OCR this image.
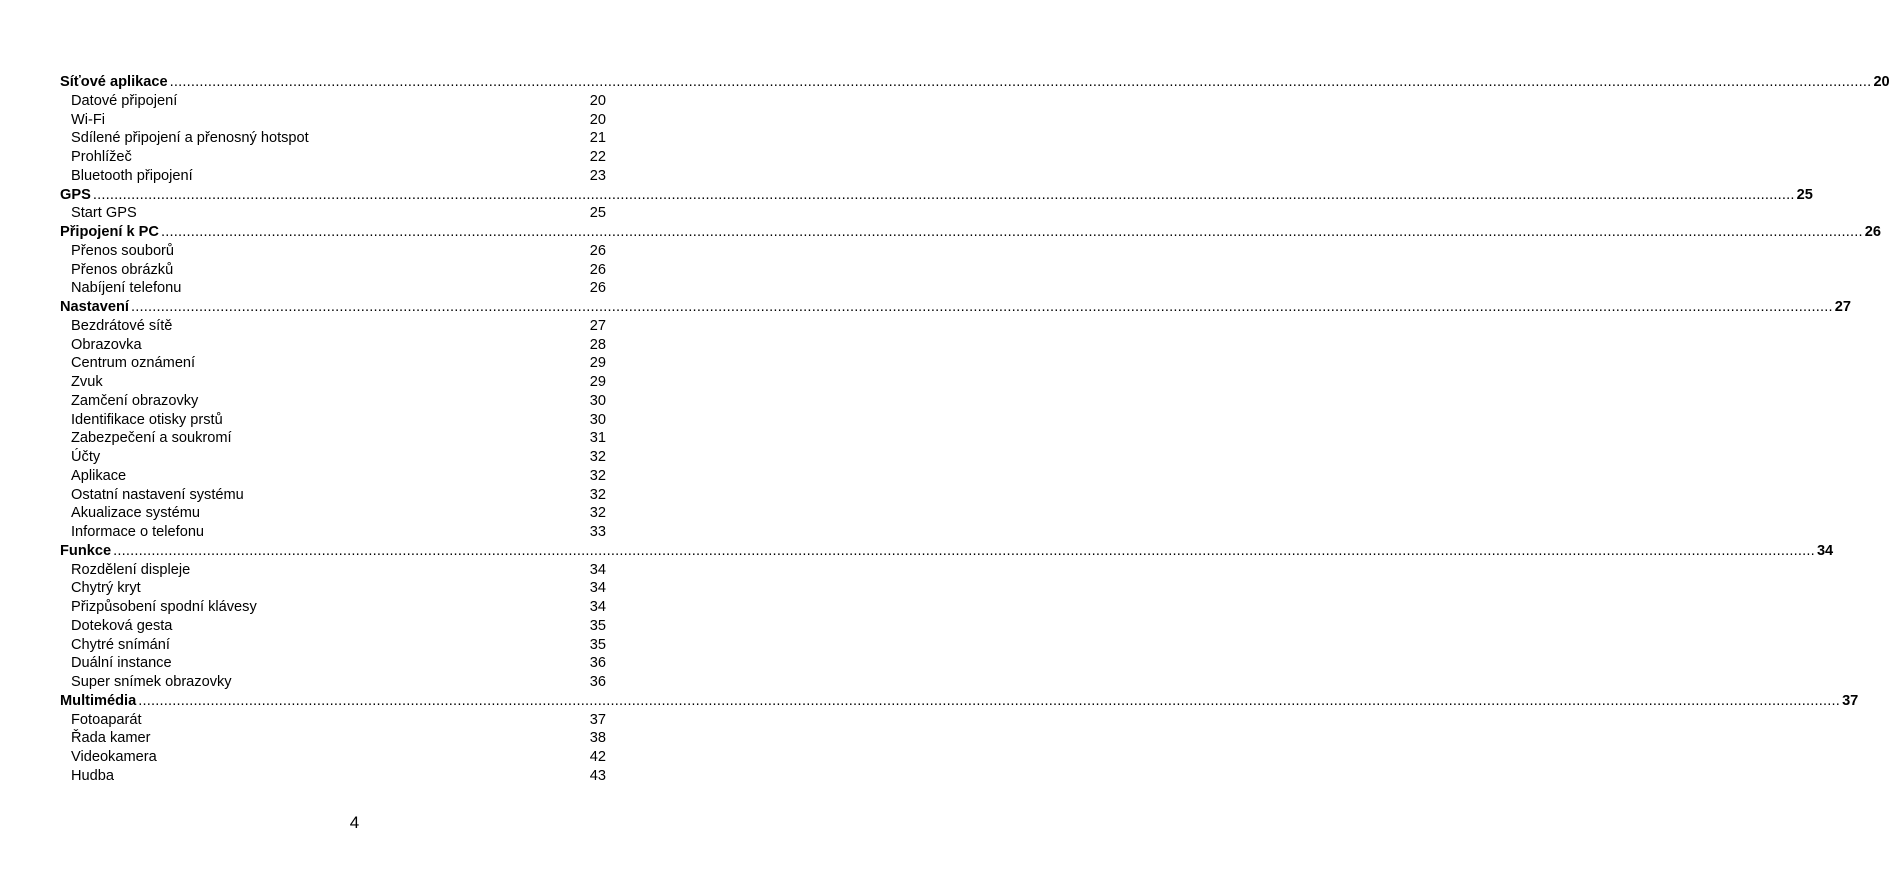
Síťové aplikace ................................................................................................................................................................................................................................................................................................................................................................................................................ 20
Datové připojení	20
Wi-Fi	20
Sdílené připojení a přenosný hotspot	21
Prohlížeč	22
Bluetooth připojení	23
GPS ................................................................................................................................................................................................................................................................................................................................................................................................................ 25
Start GPS	25
Připojení k PC ................................................................................................................................................................................................................................................................................................................................................................................................................ 26
Přenos souborů	26
Přenos obrázků	26
Nabíjení telefonu	26
Nastavení ................................................................................................................................................................................................................................................................................................................................................................................................................ 27
Bezdrátové sítě	27
Obrazovka	28
Centrum oznámení	29
Zvuk	29
Zamčení obrazovky	30
Identifikace otisky prstů	30
Zabezpečení a soukromí	31
Účty	32
Aplikace	32
Ostatní nastavení systému	32
Akualizace systému	32
Informace o telefonu	33
Funkce ................................................................................................................................................................................................................................................................................................................................................................................................................ 34
Rozdělení displeje	34
Chytrý kryt	34
Přizpůsobení spodní klávesy	34
Doteková gesta	35
Chytré snímání	35
Duální instance	36
Super snímek obrazovky	36
Multimédia ................................................................................................................................................................................................................................................................................................................................................................................................................ 37
Fotoaparát	37
Řada kamer	38
Videokamera	42
Hudba	43
4
